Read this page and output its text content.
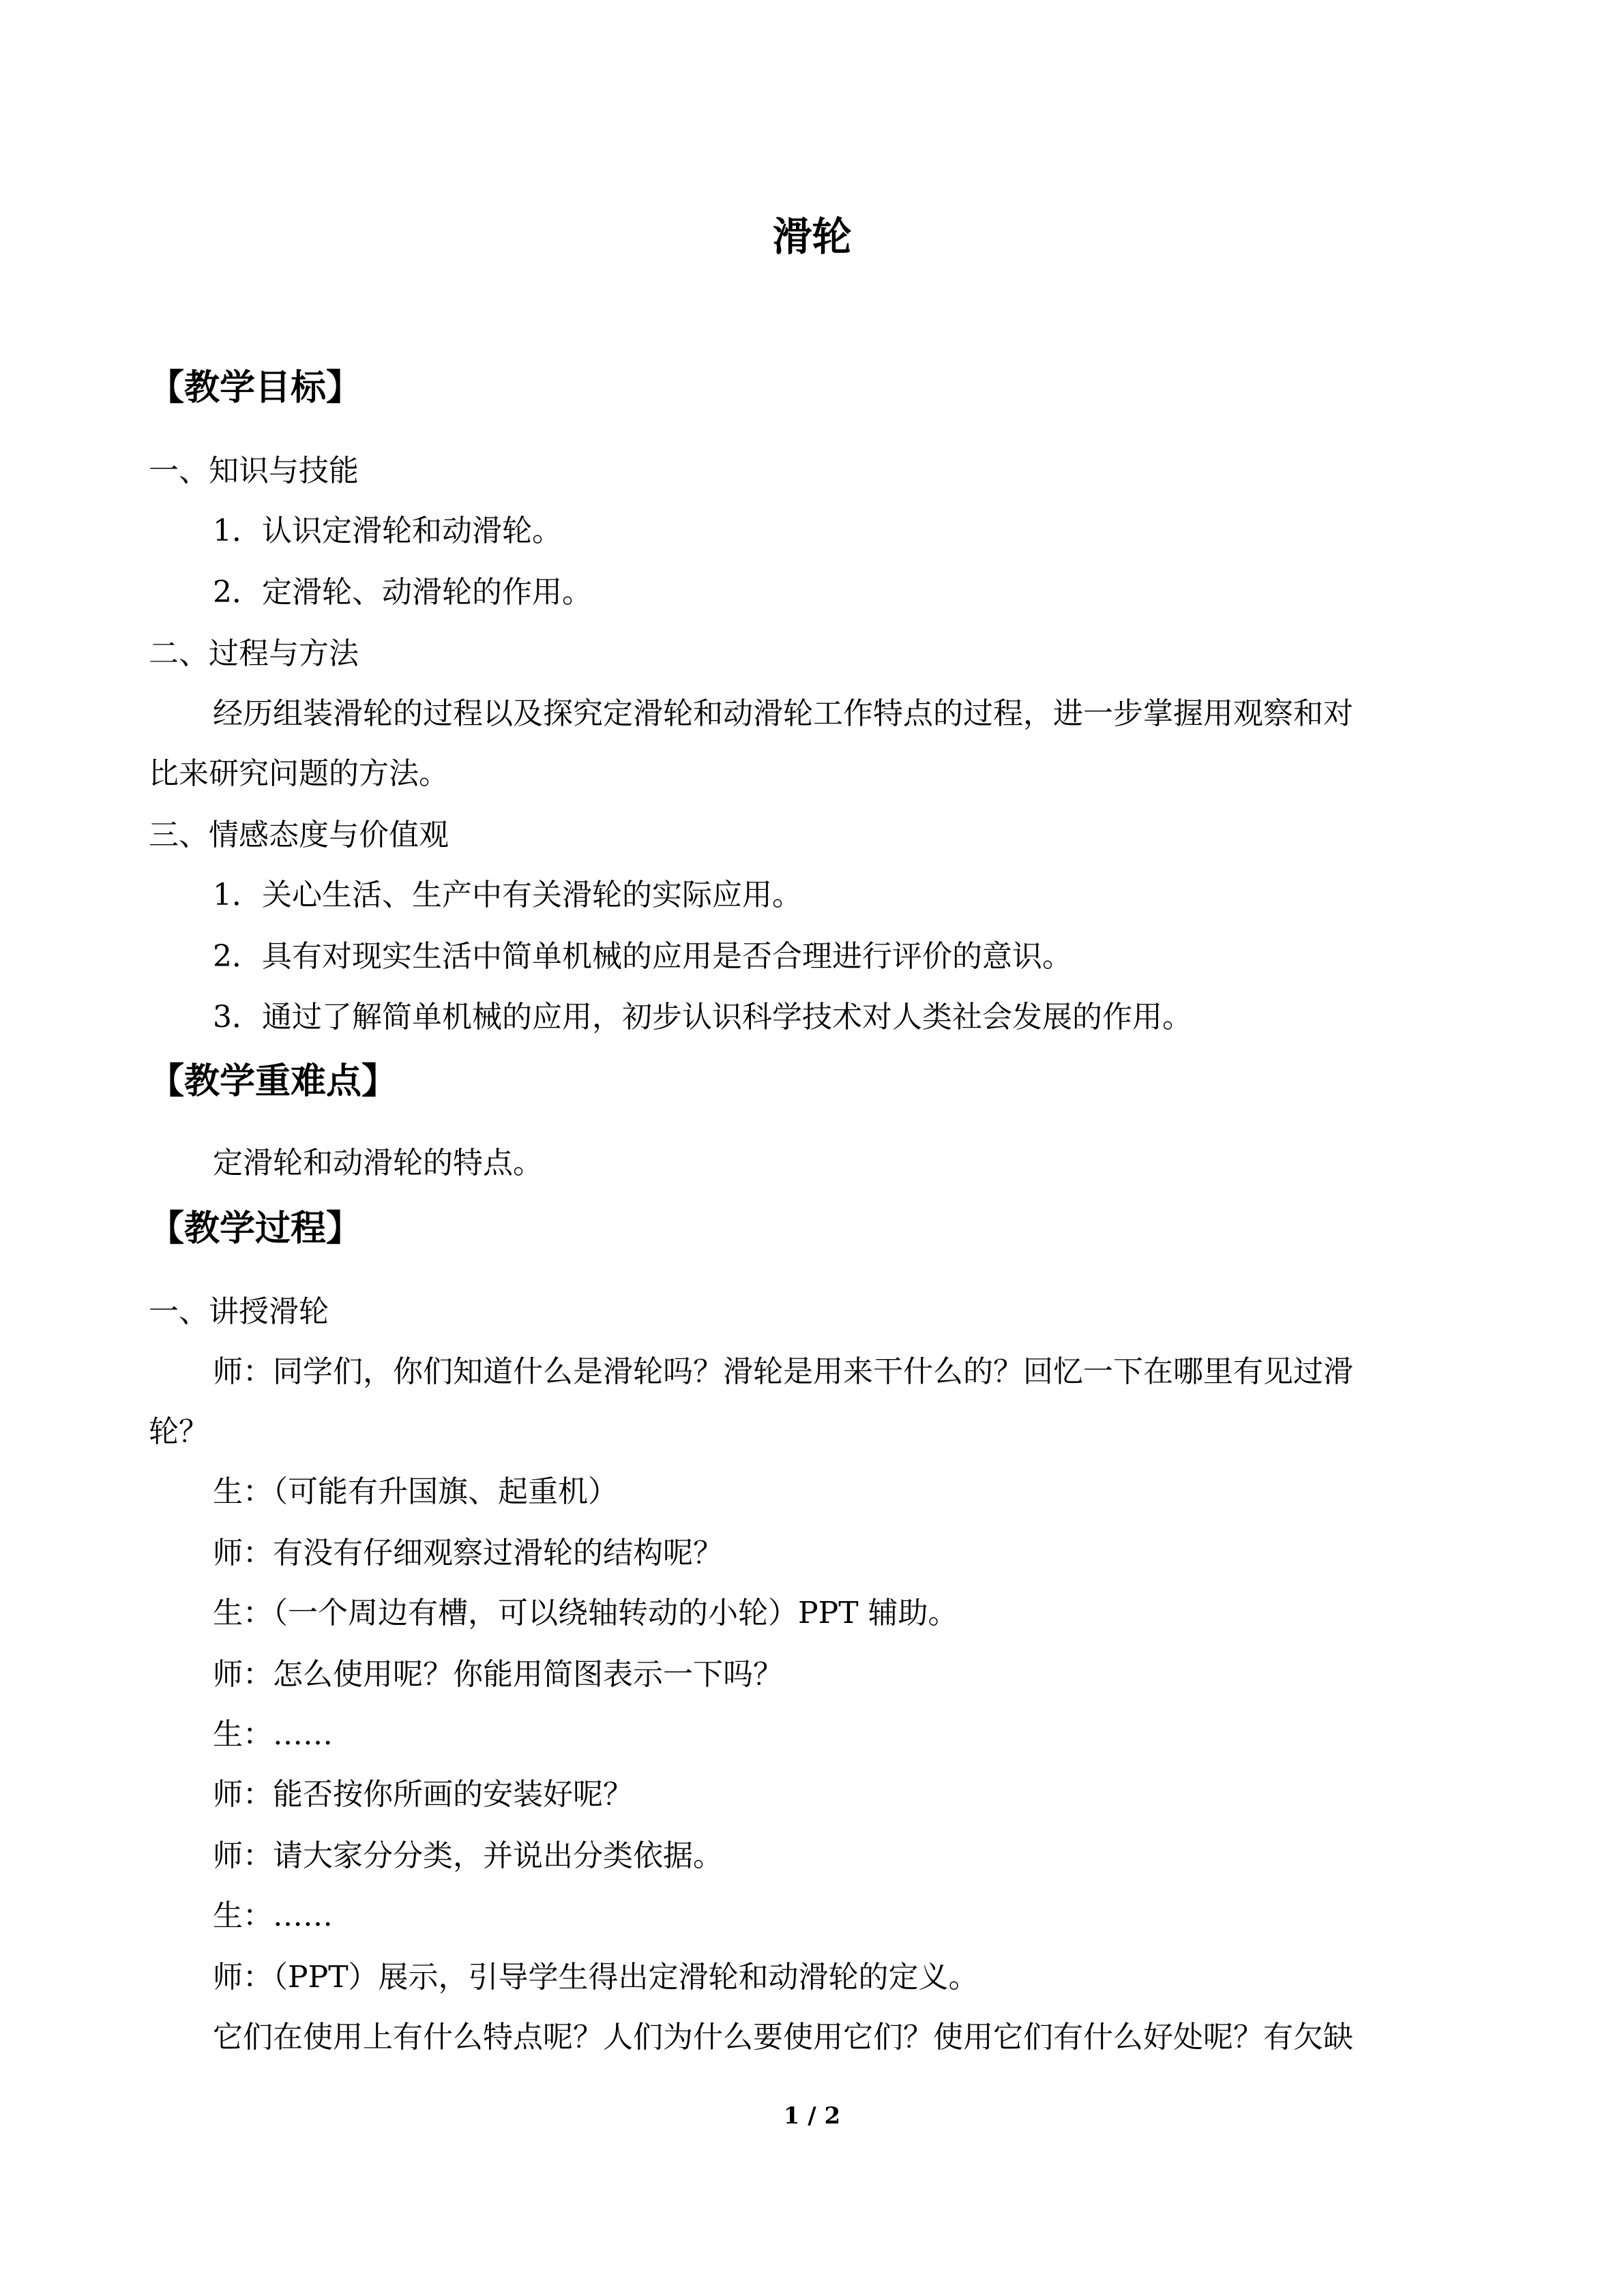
滑轮
【教学目标】
一、知识与技能
1．认识定滑轮和动滑轮。
2．定滑轮、动滑轮的作用。
二、过程与方法
经历组装滑轮的过程以及探究定滑轮和动滑轮工作特点的过程，进一步掌握用观察和对
比来研究问题的方法。
三、情感态度与价值观
1．关心生活、生产中有关滑轮的实际应用。
2．具有对现实生活中简单机械的应用是否合理进行评价的意识。
3．通过了解简单机械的应用，初步认识科学技术对人类社会发展的作用。
【教学重难点】
定滑轮和动滑轮的特点。
【教学过程】
一、讲授滑轮
师：同学们，你们知道什么是滑轮吗？滑轮是用来干什么的？回忆一下在哪里有见过滑
轮？
生：（可能有升国旗、起重机）
师：有没有仔细观察过滑轮的结构呢？
生：（一个周边有槽，可以绕轴转动的小轮）PPT 辅助。
师：怎么使用呢？你能用简图表示一下吗？
生：……
师：能否按你所画的安装好呢？
师：请大家分分类，并说出分类依据。
生：……
师：（PPT）展示，引导学生得出定滑轮和动滑轮的定义。
它们在使用上有什么特点呢？人们为什么要使用它们？使用它们有什么好处呢？有欠缺
1 / 2
